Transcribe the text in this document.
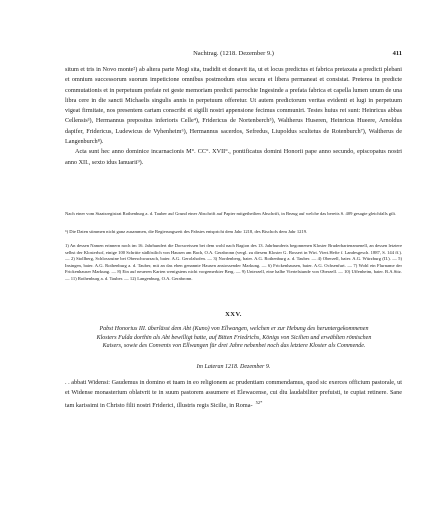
Nachtrag. (1218. Dezember 9.)	411

situm et tris in Novo monte²) ab altera parte Mogi sita, tradidit et donavit ita, ut et locus predictus et fabrica pretaxata a predicti plebani et omnium successorum suorum impeticione omnibus postmodum eius secura et libera permaneat et consistat. Preterea in predicte commutationis et in perpetuum prefate rei geste memoriam predicti parrochie Ingesinde a prefata fabrica et capella lumen unum de una libra cere in die sancti Michaelis singulis annis in perpetuum offeretur. Ut autem predictorum veritas evidenti et lugi in perpetuum vigeat firmitate, nos presentem cartam conscribi et sigilli nostri appensione fecimus communiri. Testes huius rei sunt: Heinricus abbas Cellensis³), Hermannus prepositus inferioris Celle⁴), Fridericus de Nortenberch⁵), Waltherus Huseren, Heinricus Hueere, Arnoldus dapifer, Fridericus, Ludewicus de Vyhenheim⁶), Hermannus sacerdos, Sefredus, Liupoldus scultetus de Rotenburch⁷), Waltherus de Langenburch⁸).

Acta sunt hec anno dominice incarnacionis M°. CC°. XVII°., pontificatus domini Honorii pape anno secundo, episcopatus nostri anno XII., sexto idus Ianuarii⁹).

Nach einer vom Staatsregistrat Rothenburg a. d. Tauber auf Grund einer Abschrift auf Papier mitgetheilten Abschrift, in Bezug auf welche das bereits S. 409 gesagte gleichfalls gilt.

⁶) Die Daten stimmen nicht ganz zusammen, die Regierungszeit des Pabstes entspricht dem Jahr 1218, des Bischofs dem Jahr 1219.

1) An dessen Namen erinnern noch im 16. Jahrhundert die Dorsweissen bei dem wohl nach Bagion des 13. Jahrhunderts begonnenen Kloster Bruderbartenzmenell, an dessen letztere selbst der Klosterhof, einige 100 Schritte südlöstlich von Hausen am Bach, O.A. Gerabronn (vergl. zu diesem Kloster G. Bossert in Wirt. Viert.Hefte f. Landesgesch. 1887, S. 144 ff.). — 2) Stollberg, Schlossruine bei Oberschwarzach, baier. A.G. Gerolzhofen. — 3) Nordenberg, baier. A.G. Rothenburg a. d. Tauber. — 4) Oberzell, baier. A.G. Würzburg (II.). — 5) Insingen, baier. A.G. Rothenburg a. d. Tauber, mit an das eben genannte Hausen anstossender Markung. — 6) Frickenhausen, baier. A.G. Ochsenfurt. — 7) Wohl ein Flurname der Frickenhauser Markung. — 8) Ein auf neueren Karten wenigstens nicht vorgemerkter Berg. — 9) Unterzell, eine halbe Viertelstunde von Oberzell. — 10) Uffenheim, baier. B.A.Sitz. — 11) Rothenburg a. d. Tauber. — 12) Langenburg, O.A. Gerabronn.

XXV.
Pabst Honorius III. überlässt dem Abt (Kuno) von Ellwangen, welchen er zur Hebung des heruntergekommenen Klosters Fulda dorthin als Abt bewilligt hatte, auf Bitten Friedrichs, Königs von Sicilien und erwählten römischen Kaisers, sowie des Convents von Ellwangen für drei Jahre nebenbei noch das letztere Kloster als Commende.
Im Lateran 1218. Dezember 9.

. . abbati Widensi: Gaudemus in domino et tuam in eo religionem ac prudentiam commendamus, quod sic exerces officium pastorale, ut et Widense monasterium oblatvrit te in suum pastorem assumere et Elewacense, cui diu laudabiliter prefuisti, te cupiat retinere. Sane tam karissimi in Christo filii nostri Friderici, illustris regis Sicilie, in Roma- $^{52*}$
